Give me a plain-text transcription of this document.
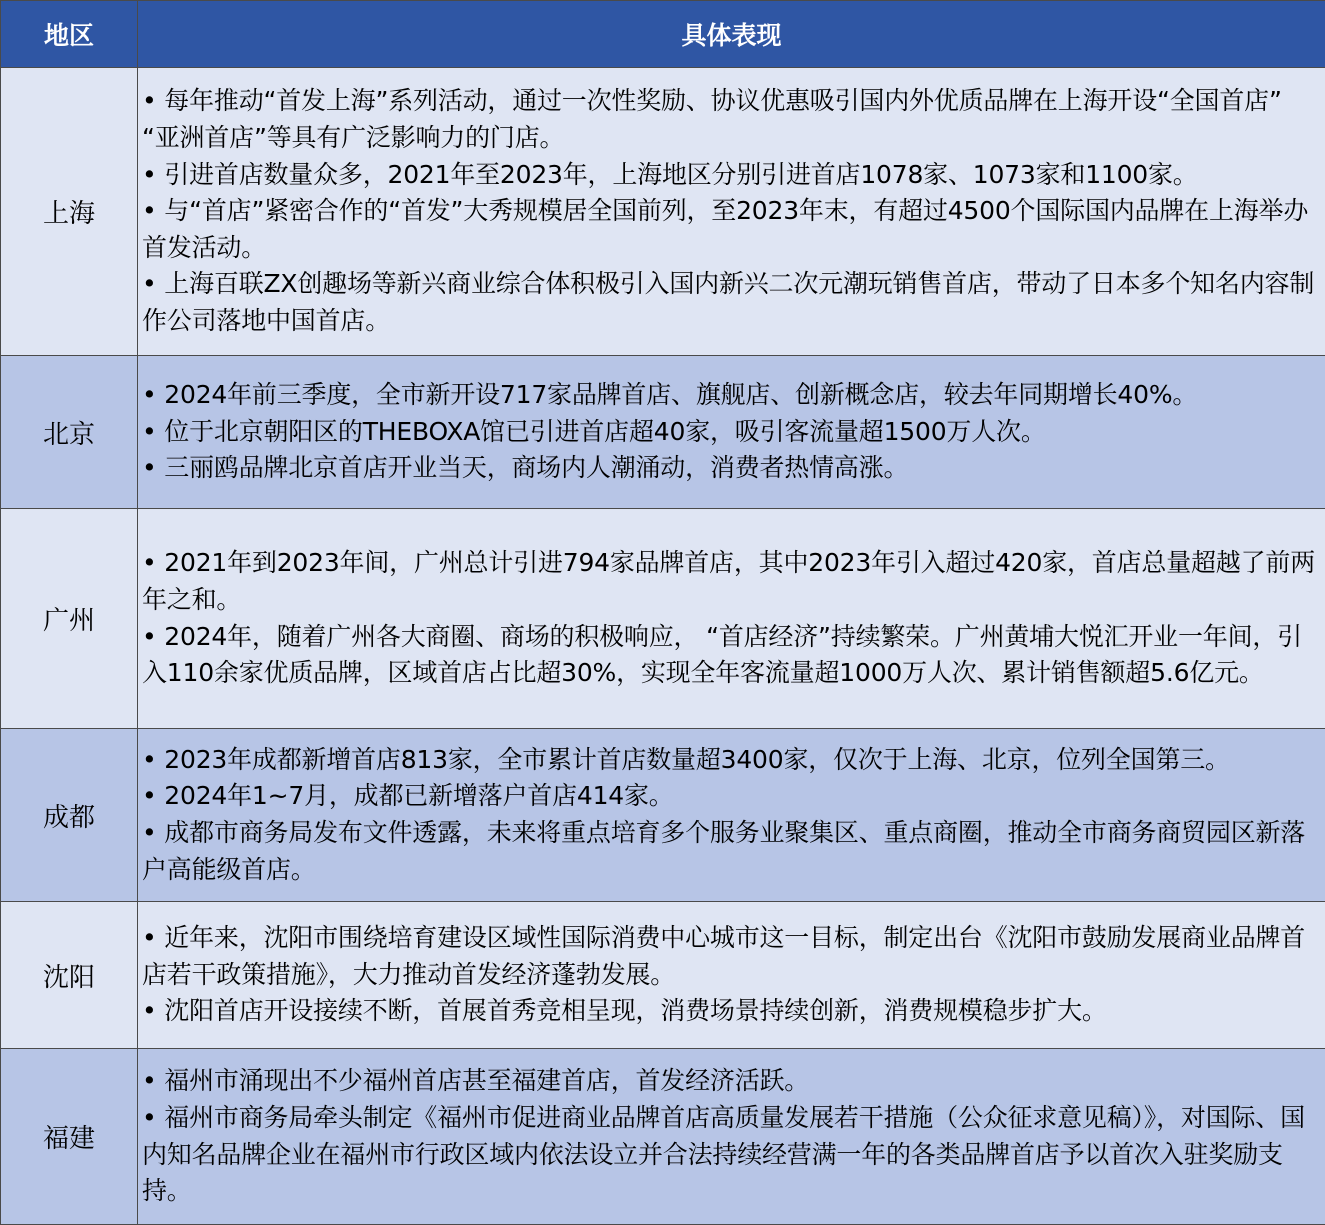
地区	具体表现
上海	• 每年推动“首发上海”系列活动，通过一次性奖励、协议优惠吸引国内外优质品牌在上海开设“全国首店” “亚洲首店”等具有广泛影响力的门店。

• 引进首店数量众多，2021年至2023年，上海地区分别引进首店1078家、1073家和1100家。

• 与“首店”紧密合作的“首发”大秀规模居全国前列，至2023年末，有超过4500个国际国内品牌在上海举办首发活动。

• 上海百联ZX创趣场等新兴商业综合体积极引入国内新兴二次元潮玩销售首店，带动了日本多个知名内容制作公司落地中国首店。

北京	• 2024年前三季度，全市新开设717家品牌首店、旗舰店、创新概念店，较去年同期增长40%。

• 位于北京朝阳区的THEBOXA馆已引进首店超40家，吸引客流量超1500万人次。

• 三丽鸥品牌北京首店开业当天，商场内人潮涌动，消费者热情高涨。

广州	• 2021年到2023年间，广州总计引进794家品牌首店，其中2023年引入超过420家，首店总量超越了前两年之和。

• 2024年，随着广州各大商圈、商场的积极响应， “首店经济”持续繁荣。广州黄埔大悦汇开业一年间，引入110余家优质品牌，区域首店占比超30%，实现全年客流量超1000万人次、累计销售额超5.6亿元。

成都	• 2023年成都新增首店813家，全市累计首店数量超3400家，仅次于上海、北京，位列全国第三。

• 2024年1~7月，成都已新增落户首店414家。

• 成都市商务局发布文件透露，未来将重点培育多个服务业聚集区、重点商圈，推动全市商务商贸园区新落户高能级首店。

沈阳	• 近年来，沈阳市围绕培育建设区域性国际消费中心城市这一目标，制定出台《沈阳市鼓励发展商业品牌首店若干政策措施》，大力推动首发经济蓬勃发展。

• 沈阳首店开设接续不断，首展首秀竞相呈现，消费场景持续创新，消费规模稳步扩大。

福建	• 福州市涌现出不少福州首店甚至福建首店，首发经济活跃。

• 福州市商务局牵头制定《福州市促进商业品牌首店高质量发展若干措施（公众征求意见稿）》，对国际、国内知名品牌企业在福州市行政区域内依法设立并合法持续经营满一年的各类品牌首店予以首次入驻奖励支持。
